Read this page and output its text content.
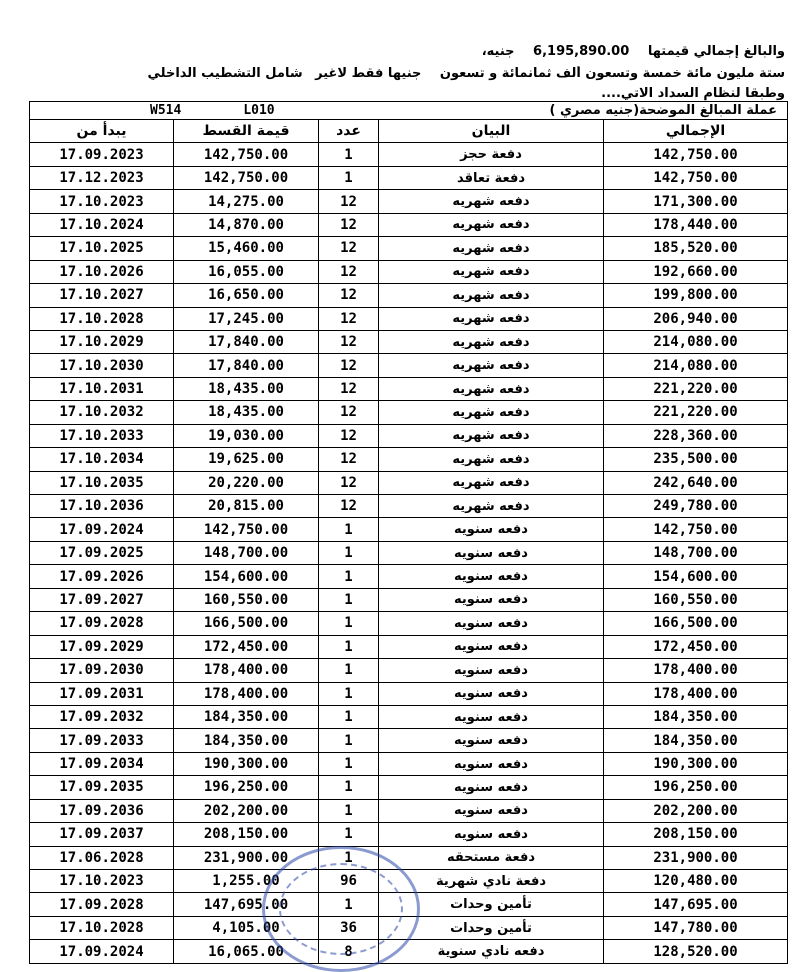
والبالغ إجمالي قيمتها 6,195,890.00 جنيه،
ستة مليون مائة خمسة وتسعون ألف ثمانمائة و تسعون جنيها فقط لاغير شامل التشطيب الداخلي
وطبقا لنظام السداد الاتي....
W514 L010 عملة المبالغ الموضحة(جنيه مصري )				

يبدأ من	قيمة القسط	عدد	البيان	الإجمالي
17.09.2023	142,750.00	1	دفعة حجز	142,750.00
17.12.2023	142,750.00	1	دفعة تعاقد	142,750.00
17.10.2023	14,275.00	12	دفعه شهريه	171,300.00
17.10.2024	14,870.00	12	دفعه شهريه	178,440.00
17.10.2025	15,460.00	12	دفعه شهريه	185,520.00
17.10.2026	16,055.00	12	دفعه شهريه	192,660.00
17.10.2027	16,650.00	12	دفعه شهريه	199,800.00
17.10.2028	17,245.00	12	دفعه شهريه	206,940.00
17.10.2029	17,840.00	12	دفعه شهريه	214,080.00
17.10.2030	17,840.00	12	دفعه شهريه	214,080.00
17.10.2031	18,435.00	12	دفعه شهريه	221,220.00
17.10.2032	18,435.00	12	دفعه شهريه	221,220.00
17.10.2033	19,030.00	12	دفعه شهريه	228,360.00
17.10.2034	19,625.00	12	دفعه شهريه	235,500.00
17.10.2035	20,220.00	12	دفعه شهريه	242,640.00
17.10.2036	20,815.00	12	دفعه شهريه	249,780.00
17.09.2024	142,750.00	1	دفعه سنويه	142,750.00
17.09.2025	148,700.00	1	دفعه سنويه	148,700.00
17.09.2026	154,600.00	1	دفعه سنويه	154,600.00
17.09.2027	160,550.00	1	دفعه سنويه	160,550.00
17.09.2028	166,500.00	1	دفعه سنويه	166,500.00
17.09.2029	172,450.00	1	دفعه سنويه	172,450.00
17.09.2030	178,400.00	1	دفعه سنويه	178,400.00
17.09.2031	178,400.00	1	دفعه سنويه	178,400.00
17.09.2032	184,350.00	1	دفعه سنويه	184,350.00
17.09.2033	184,350.00	1	دفعه سنويه	184,350.00
17.09.2034	190,300.00	1	دفعه سنويه	190,300.00
17.09.2035	196,250.00	1	دفعه سنويه	196,250.00
17.09.2036	202,200.00	1	دفعه سنويه	202,200.00
17.09.2037	208,150.00	1	دفعه سنويه	208,150.00
17.06.2028	231,900.00	1	دفعة مستحقه	231,900.00
17.10.2023	1,255.00	96	دفعة نادي شهرية	120,480.00
17.09.2028	147,695.00	1	تأمين وحدات	147,695.00
17.10.2028	4,105.00	36	تأمين وحدات	147,780.00
17.09.2024	16,065.00	8	دفعه نادي سنوية	128,520.00
